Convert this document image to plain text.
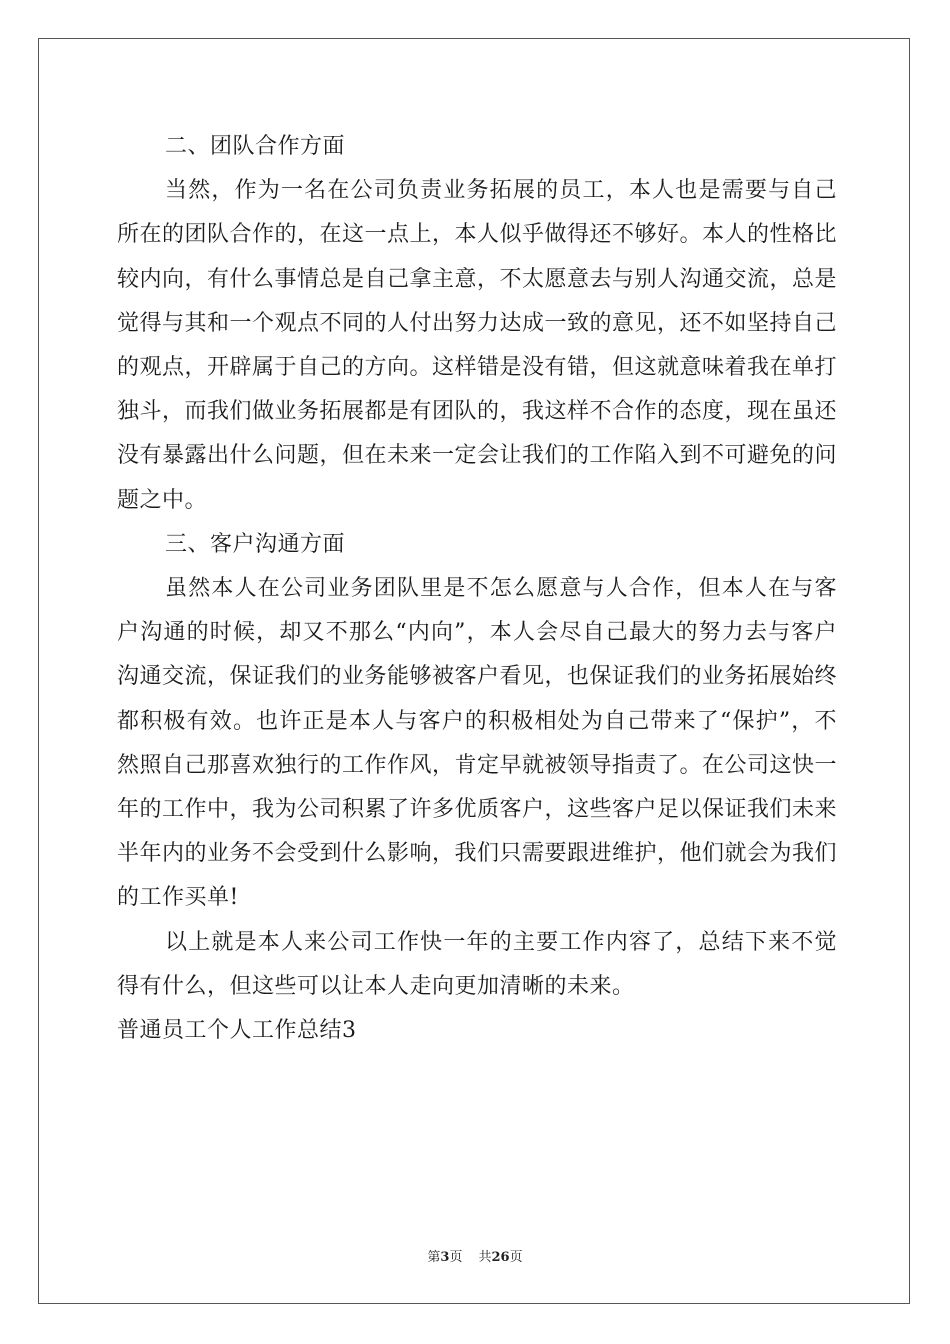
二、团队合作方面

当然，作为一名在公司负责业务拓展的员工，本人也是需要与自己所在的团队合作的，在这一点上，本人似乎做得还不够好。本人的性格比较内向，有什么事情总是自己拿主意，不太愿意去与别人沟通交流，总是觉得与其和一个观点不同的人付出努力达成一致的意见，还不如坚持自己的观点，开辟属于自己的方向。这样错是没有错，但这就意味着我在单打独斗，而我们做业务拓展都是有团队的，我这样不合作的态度，现在虽还没有暴露出什么问题，但在未来一定会让我们的工作陷入到不可避免的问题之中。

三、客户沟通方面

虽然本人在公司业务团队里是不怎么愿意与人合作，但本人在与客户沟通的时候，却又不那么“内向”，本人会尽自己最大的努力去与客户沟通交流，保证我们的业务能够被客户看见，也保证我们的业务拓展始终都积极有效。也许正是本人与客户的积极相处为自己带来了“保护”，不然照自己那喜欢独行的工作作风，肯定早就被领导指责了。在公司这快一年的工作中，我为公司积累了许多优质客户，这些客户足以保证我们未来半年内的业务不会受到什么影响，我们只需要跟进维护，他们就会为我们的工作买单!

以上就是本人来公司工作快一年的主要工作内容了，总结下来不觉得有什么，但这些可以让本人走向更加清晰的未来。

普通员工个人工作总结3

第3页 共26页
